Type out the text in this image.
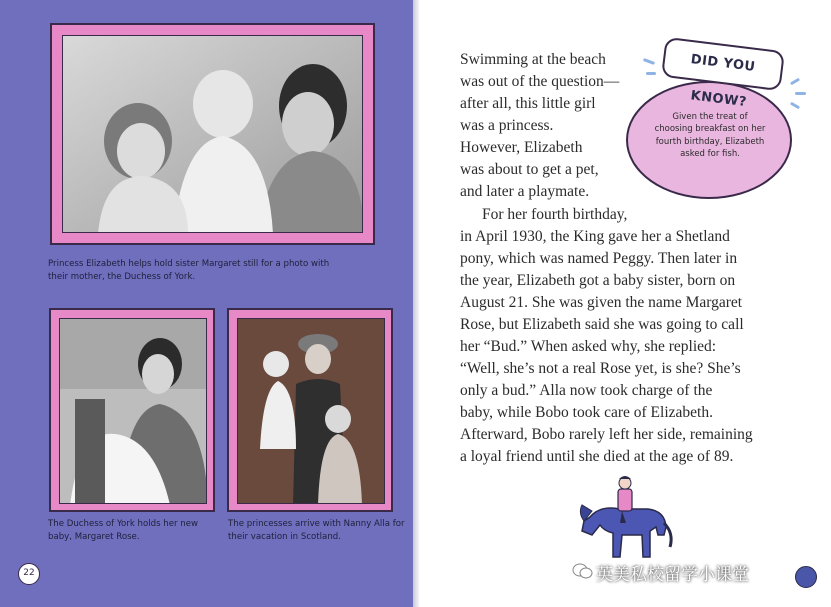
Princess Elizabeth helps hold sister Margaret still for a photo with their mother, the Duchess of York.
The Duchess of York holds her new baby, Margaret Rose.
The princesses arrive with Nanny Alla for their vacation in Scotland.
22

Swimming at the beach

was out of the question—

after all, this little girl

was a princess.

However, Elizabeth

was about to get a pet,

and later a playmate.

For her fourth birthday,

in April 1930, the King gave her a Shetland

pony, which was named Peggy. Then later in

the year, Elizabeth got a baby sister, born on

August 21. She was given the name Margaret

Rose, but Elizabeth said she was going to call

her “Bud.” When asked why, she replied:

“Well, she’s not a real Rose yet, is she? She’s

only a bud.” Alla now took charge of the

baby, while Bobo took care of Elizabeth.

Afterward, Bobo rarely left her side, remaining

a loyal friend until she died at the age of 89.

DID YOU KNOW?
Given the treat of
choosing breakfast on her
fourth birthday, Elizabeth
asked for fish.
英美私校留学小课堂
